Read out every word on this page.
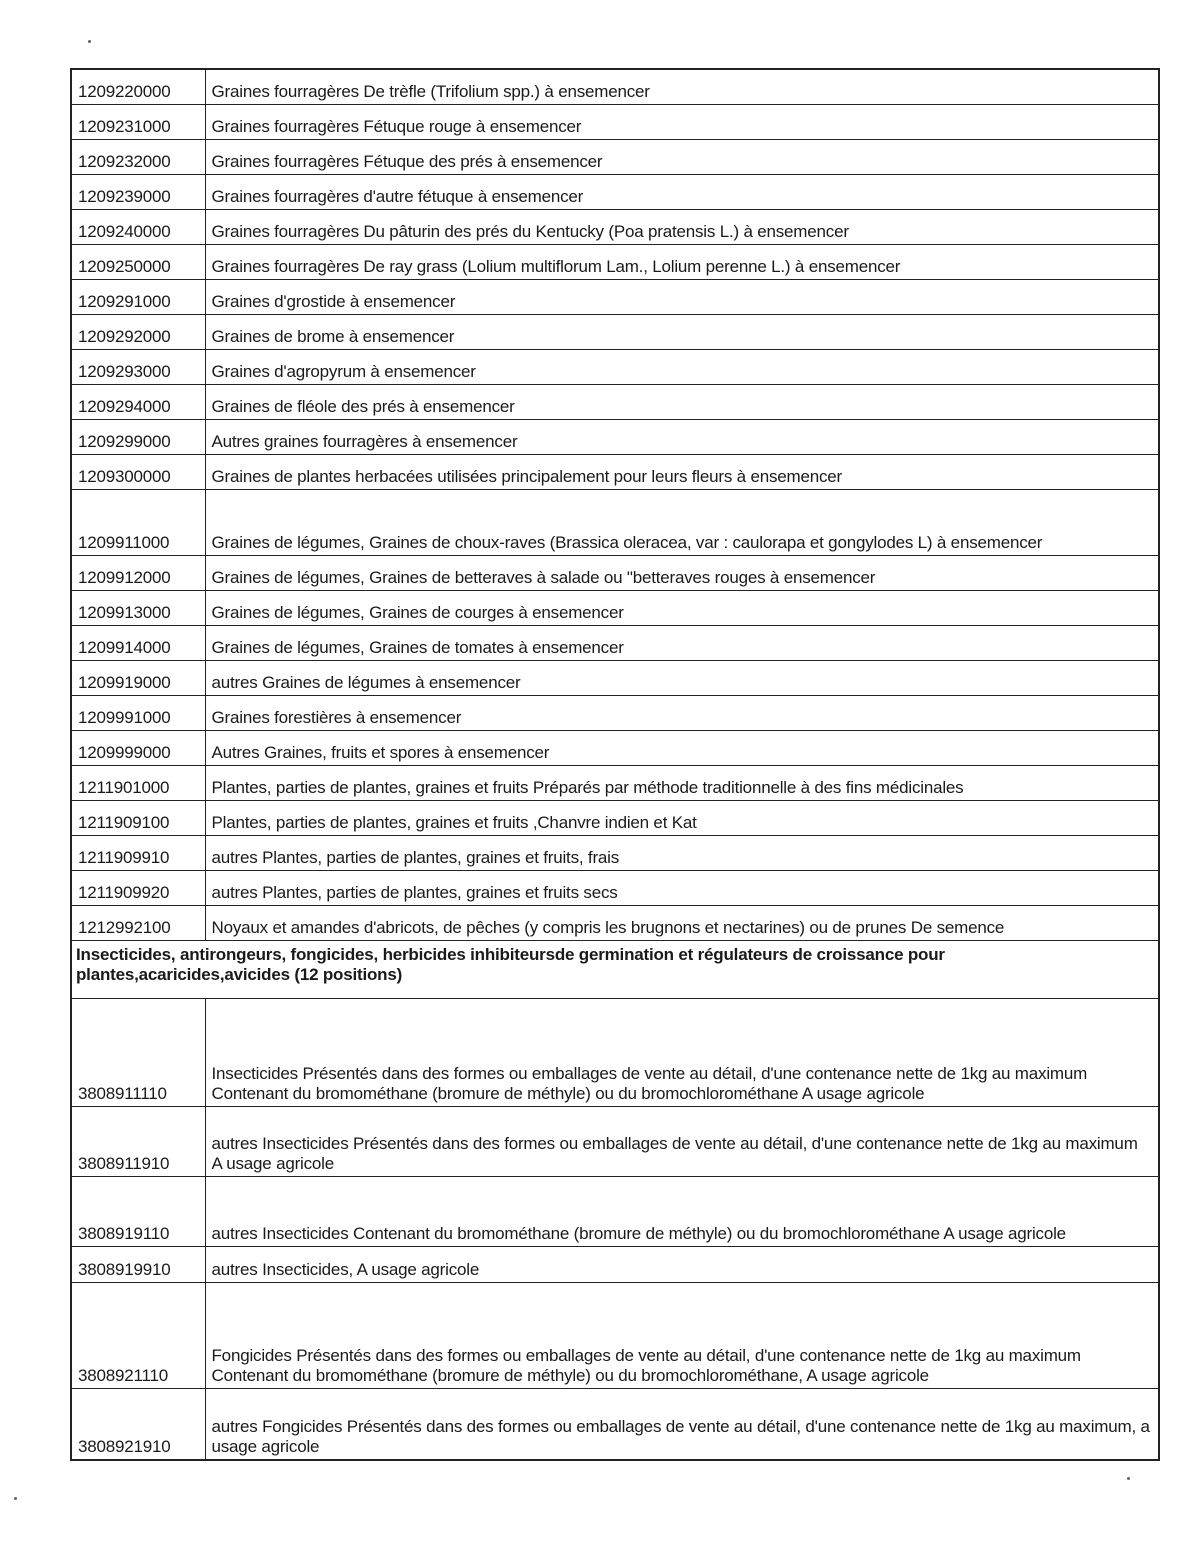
1209220000	Graines fourragères De trèfle (Trifolium spp.) à ensemencer
1209231000	Graines fourragères Fétuque rouge à ensemencer
1209232000	Graines fourragères Fétuque des prés à ensemencer
1209239000	Graines fourragères d'autre fétuque à ensemencer
1209240000	Graines fourragères Du pâturin des prés du Kentucky (Poa pratensis L.) à ensemencer
1209250000	Graines fourragères De ray grass (Lolium multiflorum Lam., Lolium perenne L.) à ensemencer
1209291000	Graines d'grostide à ensemencer
1209292000	Graines de brome à ensemencer
1209293000	Graines d'agropyrum à ensemencer
1209294000	Graines de fléole des prés à ensemencer
1209299000	Autres graines fourragères à ensemencer
1209300000	Graines de plantes herbacées utilisées principalement pour leurs fleurs à ensemencer
1209911000	Graines de légumes, Graines de choux-raves (Brassica oleracea, var : caulorapa et gongylodes L) à ensemencer
1209912000	Graines de légumes, Graines de betteraves à salade ou "betteraves rouges à ensemencer
1209913000	Graines de légumes, Graines de courges à ensemencer
1209914000	Graines de légumes, Graines de tomates à ensemencer
1209919000	autres Graines de légumes à ensemencer
1209991000	Graines forestières à ensemencer
1209999000	Autres Graines, fruits et spores à ensemencer
1211901000	Plantes, parties de plantes, graines et fruits Préparés par méthode traditionnelle à des fins médicinales
1211909100	Plantes, parties de plantes, graines et fruits ,Chanvre indien et Kat
1211909910	autres Plantes, parties de plantes, graines et fruits, frais
1211909920	autres Plantes, parties de plantes, graines et fruits secs
1212992100	Noyaux et amandes d'abricots, de pêches (y compris les brugnons et nectarines) ou de prunes De semence
Insecticides, antirongeurs, fongicides, herbicides inhibiteursde germination et régulateurs de croissance pour plantes,acaricides,avicides (12 positions)	
3808911110	Insecticides Présentés dans des formes ou emballages de vente au détail, d'une contenance nette de 1kg au maximum Contenant du bromométhane (bromure de méthyle) ou du bromochlorométhane A usage agricole
3808911910	autres Insecticides Présentés dans des formes ou emballages de vente au détail, d'une contenance nette de 1kg au maximum A usage agricole
3808919110	autres Insecticides Contenant du bromométhane (bromure de méthyle) ou du bromochlorométhane A usage agricole
3808919910	autres Insecticides, A usage agricole
3808921110	Fongicides Présentés dans des formes ou emballages de vente au détail, d'une contenance nette de 1kg au maximum Contenant du bromométhane (bromure de méthyle) ou du bromochlorométhane, A usage agricole
3808921910	autres Fongicides Présentés dans des formes ou emballages de vente au détail, d'une contenance nette de 1kg au maximum, a usage agricole
